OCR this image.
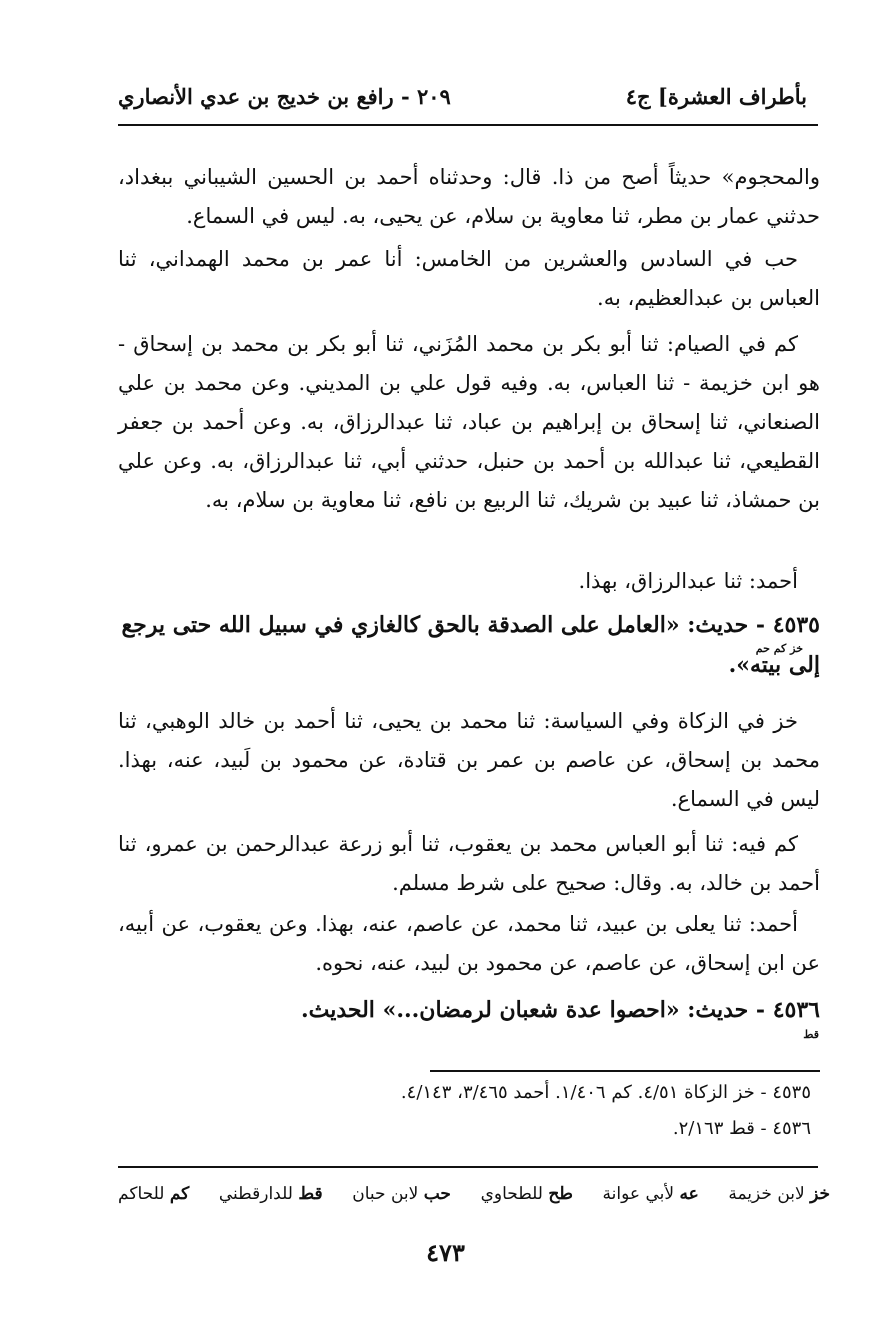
بأطراف العشرة] ج٤
٢٠٩ - رافع بن خديج بن عدي الأنصاري
والمحجوم» حديثاً أصح من ذا. قال: وحدثناه أحمد بن الحسين الشيباني ببغداد، حدثني عمار بن مطر، ثنا معاوية بن سلام، عن يحيى، به. ليس في السماع.
حب في السادس والعشرين من الخامس: أنا عمر بن محمد الهمداني، ثنا العباس بن عبدالعظيم، به.
كم في الصيام: ثنا أبو بكر بن محمد المُزَني، ثنا أبو بكر بن محمد بن إسحاق - هو ابن خزيمة - ثنا العباس، به. وفيه قول علي بن المديني. وعن محمد بن علي الصنعاني، ثنا إسحاق بن إبراهيم بن عباد، ثنا عبدالرزاق، به. وعن أحمد بن جعفر القطيعي، ثنا عبدالله بن أحمد بن حنبل، حدثني أبي، ثنا عبدالرزاق، به. وعن علي بن حمشاذ، ثنا عبيد بن شريك، ثنا الربيع بن نافع، ثنا معاوية بن سلام، به.
أحمد: ثنا عبدالرزاق، بهذا.
٤٥٣٥ - حديث: «العامل على الصدقة بالحق كالغازي في سبيل الله حتى يرجع إلى بيته».
خز كم حم
خز في الزكاة وفي السياسة: ثنا محمد بن يحيى، ثنا أحمد بن خالد الوهبي، ثنا محمد بن إسحاق، عن عاصم بن عمر بن قتادة، عن محمود بن لَبيد، عنه، بهذا. ليس في السماع.
كم فيه: ثنا أبو العباس محمد بن يعقوب، ثنا أبو زرعة عبدالرحمن بن عمرو، ثنا أحمد بن خالد، به. وقال: صحيح على شرط مسلم.
أحمد: ثنا يعلى بن عبيد، ثنا محمد، عن عاصم، عنه، بهذا. وعن يعقوب، عن أبيه، عن ابن إسحاق، عن عاصم، عن محمود بن لبيد، عنه، نحوه.
٤٥٣٦ - حديث: «احصوا عدة شعبان لرمضان...» الحديث.
قط
٤٥٣٥ - خز الزكاة ٤/٥١. كم ١/٤٠٦. أحمد ٣/٤٦٥، ٤/١٤٣.
٤٥٣٦ - قط ٢/١٦٣.
خز لابن خزيمة
عه لأبي عوانة
طح للطحاوي
حب لابن حبان
قط للدارقطني
كم للحاكم
٤٧٣
